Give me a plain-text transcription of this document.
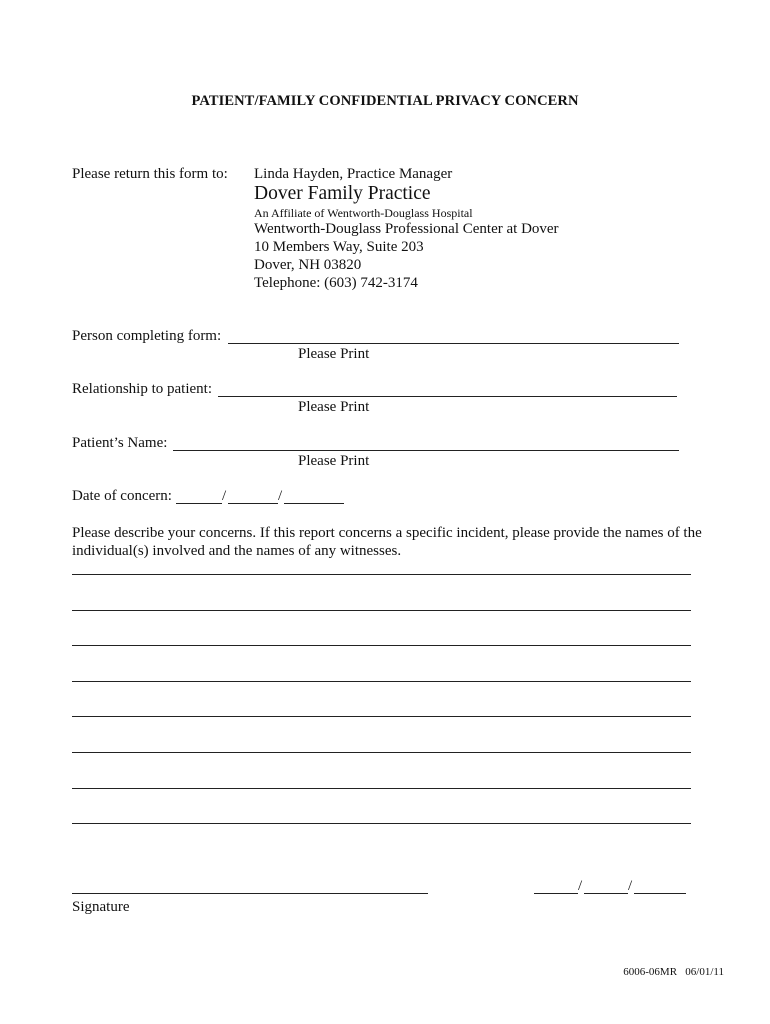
PATIENT/FAMILY CONFIDENTIAL PRIVACY CONCERN
Please return this form to: Linda Hayden, Practice Manager
Dover Family Practice
An Affiliate of Wentworth-Douglass Hospital
Wentworth-Douglass Professional Center at Dover
10 Members Way, Suite 203
Dover, NH 03820
Telephone: (603) 742-3174
Person completing form:
Please Print
Relationship to patient:
Please Print
Patient’s Name:
Please Print
Date of concern:	/	/
Please describe your concerns. If this report concerns a specific incident, please provide the names of the
individual(s) involved and the names of any witnesses.
Signature
/	/
6006-06MR   06/01/11
